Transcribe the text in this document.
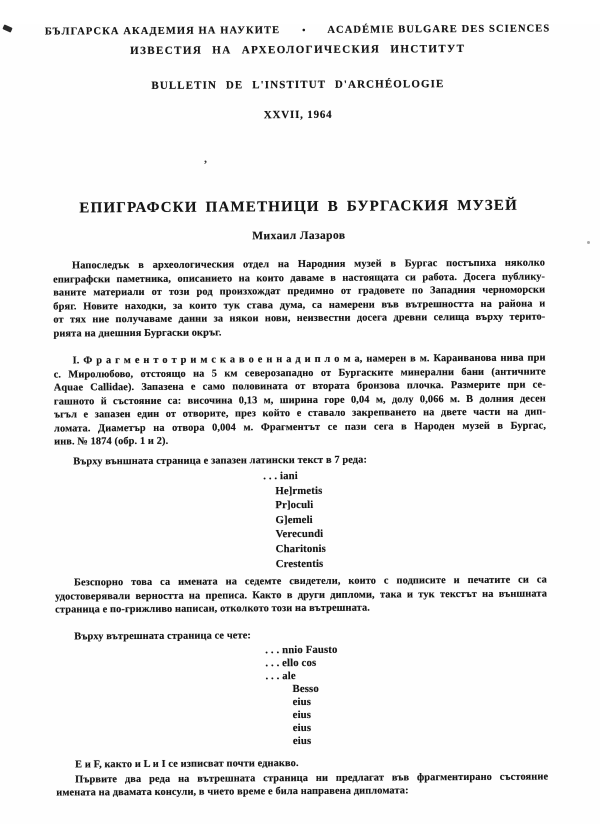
,
БЪЛГАРСКА АКАДЕМИЯ НА НАУКИТЕ • ACADÉMIE BULGARE DES SCIENCES
ИЗВЕСТИЯ НА АРХЕОЛОГИЧЕСКИЯ ИНСТИТУТ
BULLETIN DE L'INSTITUT D'ARCHÉOLOGIE
XXVII, 1964
ЕПИГРАФСКИ ПАМЕТНИЦИ В БУРГАСКИЯ МУЗЕЙ
Михаил Лазаров
Напоследък в археологическия отдел на Народния музей в Бургас постъпиха няколко
епиграфски паметника, описанието на които даваме в настоящата си работа. Досега публику-
ваните материали от този род произхождат предимно от градовете по Западния черноморски
бряг. Новите находки, за които тук става дума, са намерени във вътрешността на района и
от тях ние получаваме данни за някои нови, неизвестни досега древни селища върху терито-
рията на днешния Бургаски окръг.
I. Ф р а г м е н т о т р и м с к а в о е н н а д и п л о м а, намерен в м. Караиванова нива при
с. Миролюбово, отстоящо на 5 км северозападно от Бургаските минерални бани (античните
Aquae Callidae). Запазена е само половината от втората бронзова плочка. Размерите при се-
гашното й състояние са: височина 0,13 м, ширина горе 0,04 м, долу 0,066 м. В долния десен
ъгъл е запазен един от отворите, през който е ставало закрепването на двете части на дип-
ломата. Диаметър на отвора 0,004 м. Фрагментът се пази сега в Народен музей в Бургас,
инв. № 1874 (обр. 1 и 2).
Върху външната страница е запазен латински текст в 7 реда:
. . . iani
He]rmetis
Pr]oculi
G]emeli
Verecundi
Charitonis
Crestentis
Безспорно това са имената на седемте свидетели, които с подписите и печатите си са
удостоверявали верността на преписа. Както в други дипломи, така и тук текстът на външната
страница е по-грижливо написан, отколкото този на вътрешната.
Върху вътрешната страница се чете:
. . . nnio Fausto
. . . ello cos
. . . ale
Besso
eius
eius
eius
eius
Е и F, както и L и I се изписват почти еднакво.
Първите два реда на вътрешната страница ни предлагат във фрагментирано състояние
имената на двамата консули, в чието време е била направена дипломата:
